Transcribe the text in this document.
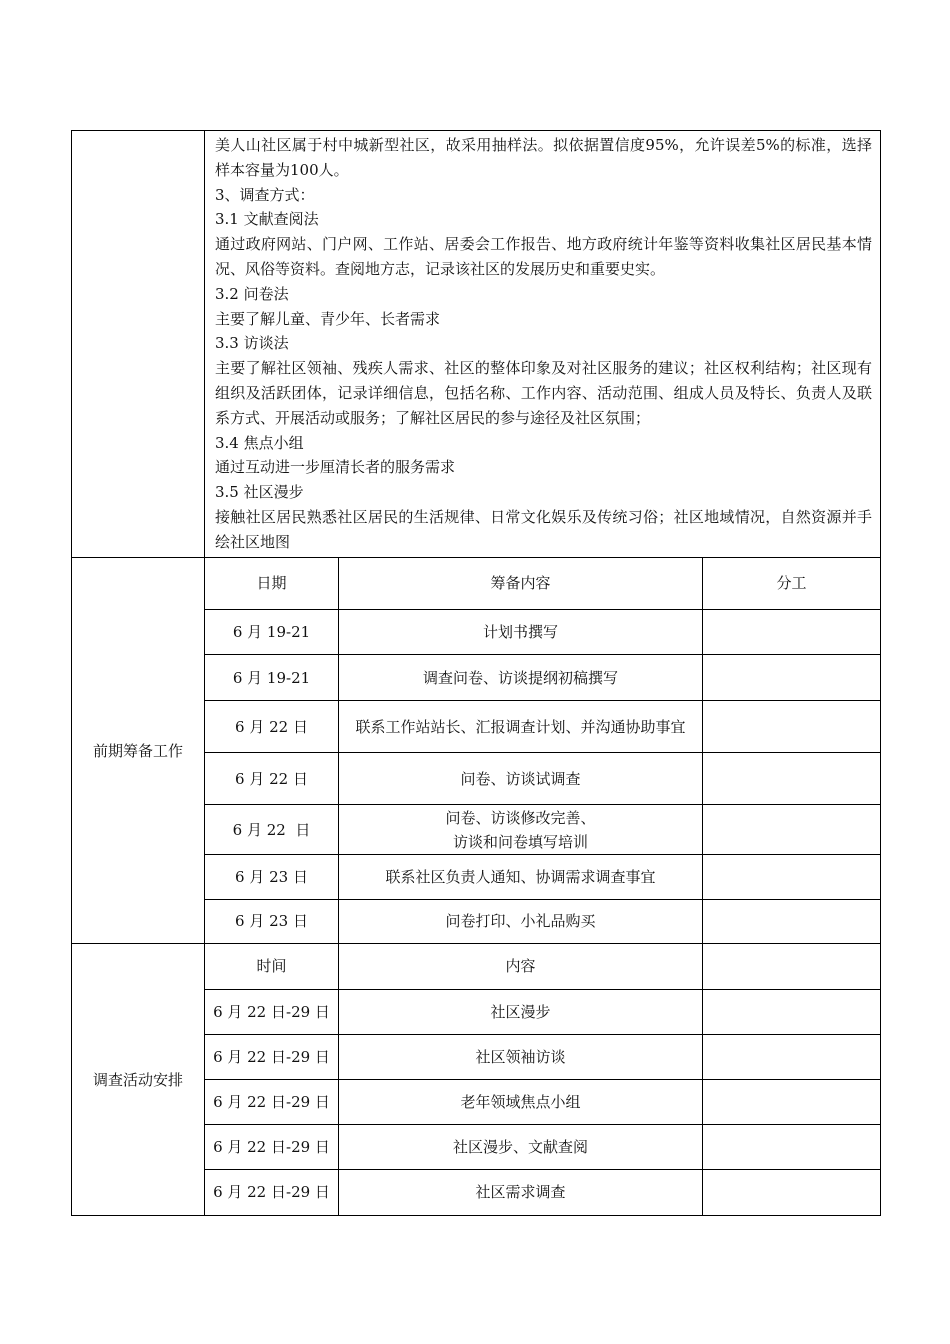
美人山社区属于村中城新型社区，故采用抽样法。拟依据置信度95%，允许误差5%的标准，选择样本容量为100人。

3、调查方式：

3.1 文献查阅法

通过政府网站、门户网、工作站、居委会工作报告、地方政府统计年鉴等资料收集社区居民基本情况、风俗等资料。查阅地方志，记录该社区的发展历史和重要史实。

3.2 问卷法

主要了解儿童、青少年、长者需求

3.3 访谈法

主要了解社区领袖、残疾人需求、社区的整体印象及对社区服务的建议；社区权利结构；社区现有组织及活跃团体，记录详细信息，包括名称、工作内容、活动范围、组成人员及特长、负责人及联系方式、开展活动或服务；了解社区居民的参与途径及社区氛围；

3.4 焦点小组

通过互动进一步厘清长者的服务需求

3.5 社区漫步

接触社区居民熟悉社区居民的生活规律、日常文化娱乐及传统习俗；社区地域情况，自然资源并手绘社区地图

前期筹备工作	
日期	筹备内容	分工
6 月 19-21	计划书撰写	
6 月 19-21	调查问卷、访谈提纲初稿撰写	
6 月 22 日	联系工作站站长、汇报调查计划、并沟通协助事宜	
6 月 22 日	问卷、访谈试调查	
6 月 22  日	问卷、访谈修改完善、
访谈和问卷填写培训	
6 月 23 日	联系社区负责人通知、协调需求调查事宜	
6 月 23 日	问卷打印、小礼品购买	

调查活动安排	
时间	内容	
6 月 22 日-29 日	社区漫步	
6 月 22 日-29 日	社区领袖访谈	
6 月 22 日-29 日	老年领域焦点小组	
6 月 22 日-29 日	社区漫步、文献查阅	
6 月 22 日-29 日	社区需求调查	
